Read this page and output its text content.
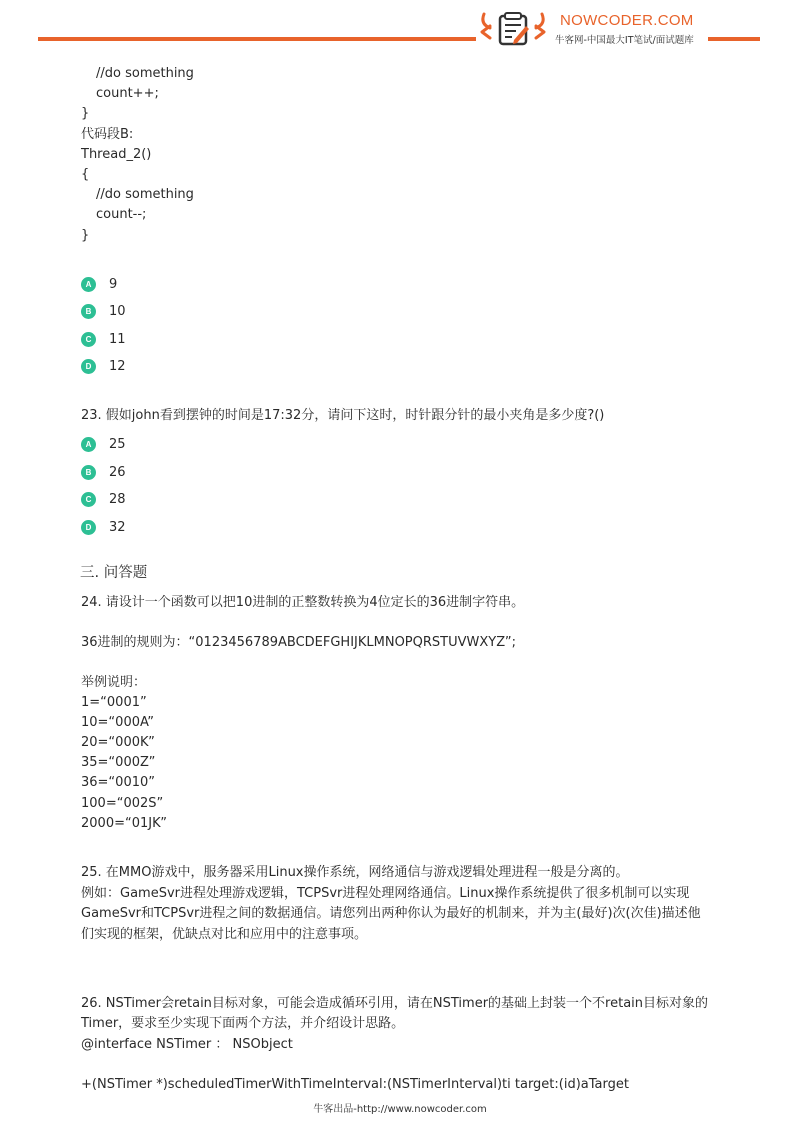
NOWCODER.COM
牛客网-中国最大IT笔试/面试题库
//do something
count++;
}
代码段B:
Thread_2()
{
//do something
count--;
}
A	9
B	10
C	11
D	12
23. 假如john看到摆钟的时间是17:32分，请问下这时，时针跟分针的最小夹角是多少度?()
A	25
B	26
C	28
D	32
三. 问答题
24. 请设计一个函数可以把10进制的正整数转换为4位定长的36进制字符串。
36进制的规则为：“0123456789ABCDEFGHIJKLMNOPQRSTUVWXYZ”;
举例说明：
1=“0001”
10=“000A”
20=“000K”
35=“000Z”
36=“0010”
100=“002S”
2000=“01JK”
25. 在MMO游戏中，服务器采用Linux操作系统，网络通信与游戏逻辑处理进程一般是分离的。
例如：GameSvr进程处理游戏逻辑，TCPSvr进程处理网络通信。Linux操作系统提供了很多机制可以实现
GameSvr和TCPSvr进程之间的数据通信。请您列出两种你认为最好的机制来，并为主(最好)次(次佳)描述他
们实现的框架，优缺点对比和应用中的注意事项。
26. NSTimer会retain目标对象，可能会造成循环引用，请在NSTimer的基础上封装一个不retain目标对象的
Timer，要求至少实现下面两个方法，并介绍设计思路。
@interface NSTimer ： NSObject
+(NSTimer *)scheduledTimerWithTimeInterval:(NSTimerInterval)ti target:(id)aTarget
牛客出品-http://www.nowcoder.com
